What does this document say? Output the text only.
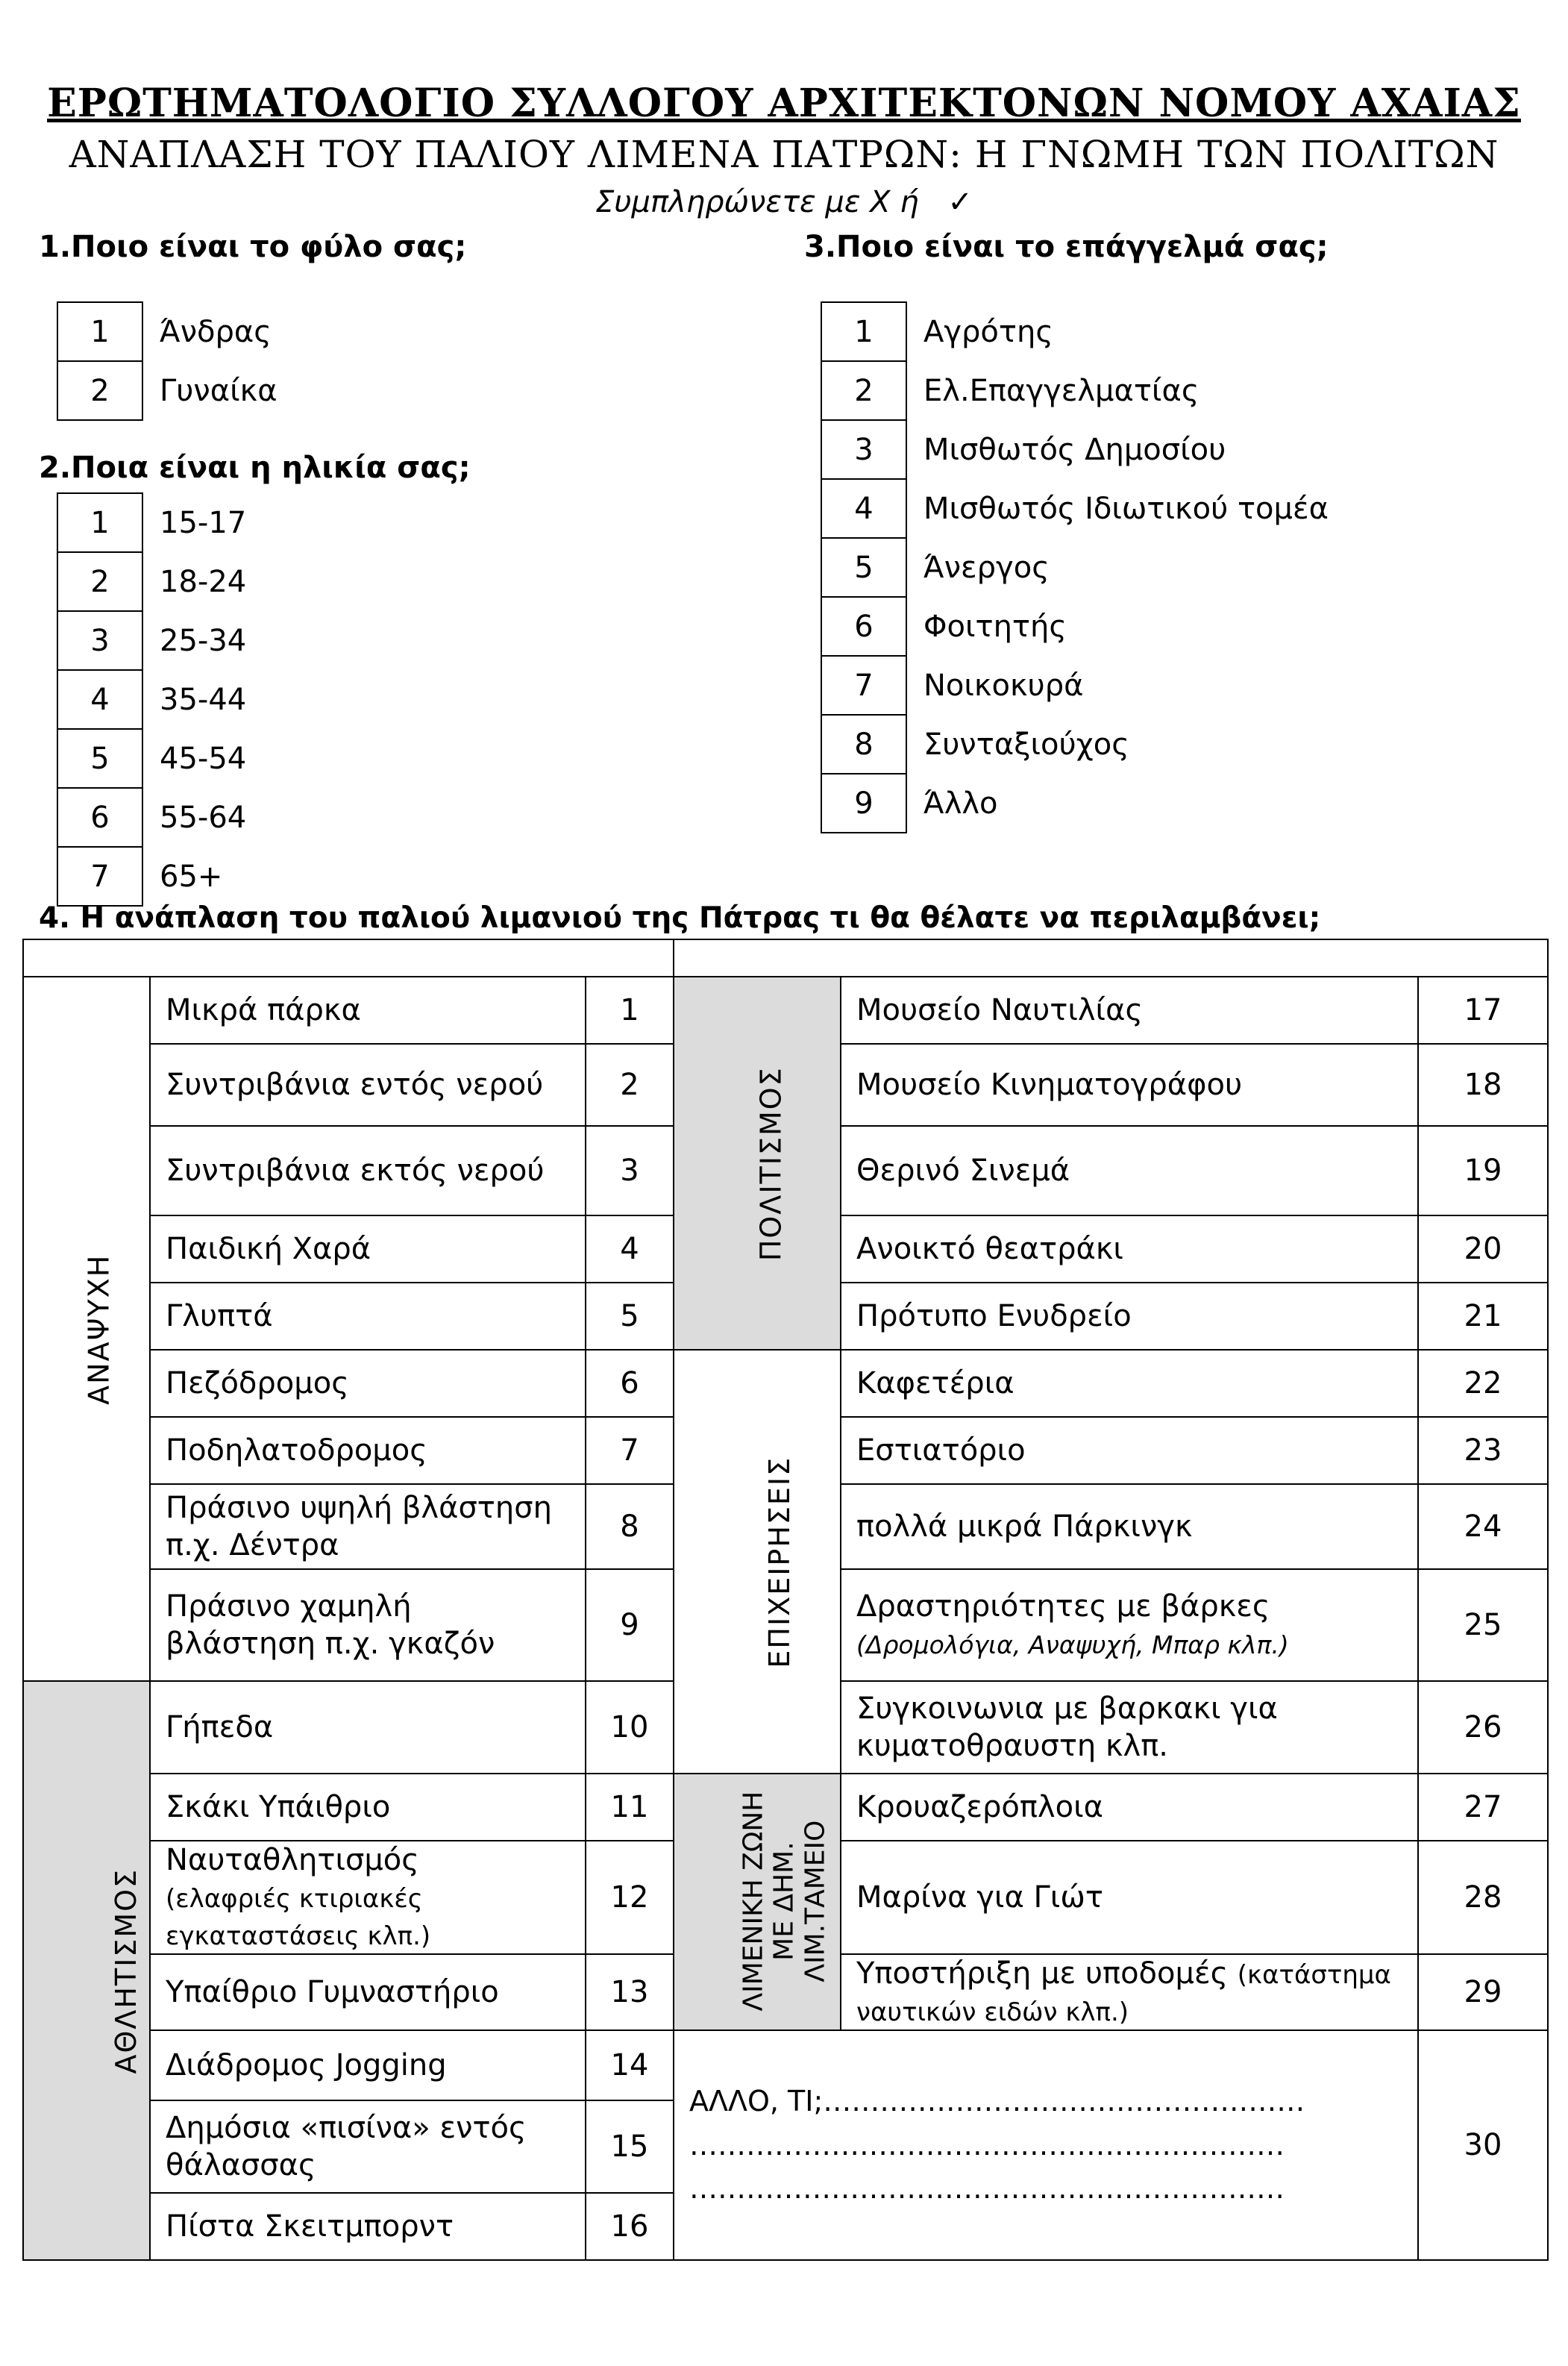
ΕΡΩΤΗΜΑΤΟΛΟΓΙΟ ΣΥΛΛΟΓΟΥ ΑΡΧΙΤΕΚΤΟΝΩΝ ΝΟΜΟΥ ΑΧΑΙΑΣ
ΑΝΑΠΛΑΣΗ ΤΟΥ ΠΑΛΙΟΥ ΛΙΜΕΝΑ ΠΑΤΡΩΝ: Η ΓΝΩΜΗ ΤΩΝ ΠΟΛΙΤΩΝ
Συμπληρώνετε με Χ ή ✓
1.Ποιο είναι το φύλο σας;
1	Άνδρας
2	Γυναίκα
2.Ποια είναι η ηλικία σας;
1	15-17
2	18-24
3	25-34
4	35-44
5	45-54
6	55-64
7	65+
3.Ποιο είναι το επάγγελμά σας;
1	Αγρότης
2	Ελ.Επαγγελματίας
3	Μισθωτός Δημοσίου
4	Μισθωτός Ιδιωτικού τομέα
5	Άνεργος
6	Φοιτητής
7	Νοικοκυρά
8	Συνταξιούχος
9	Άλλο
4. Η ανάπλαση του παλιού λιμανιού της Πάτρας τι θα θέλατε να περιλαμβάνει;

ΑΝΑΨΥΧΗ	Μικρά πάρκα	1	ΠΟΛΙΤΙΣΜΟΣ	Μουσείο Ναυτιλίας	17
	Συντριβάνια εντός νερού	2		Μουσείο Κινηματογράφου	18
	Συντριβάνια εκτός νερού	3		Θερινό Σινεμά	19
	Παιδική Χαρά	4		Ανοικτό θεατράκι	20
	Γλυπτά	5		Πρότυπο Ενυδρείο	21
	Πεζόδρομος	6	ΕΠΙΧΕΙΡΗΣΕΙΣ	Καφετέρια	22
	Ποδηλατοδρομος	7		Εστιατόριο	23
	Πράσινο υψηλή βλάστηση
π.χ. Δέντρα	8		πολλά μικρά Πάρκινγκ	24
	Πράσινο χαμηλή
βλάστηση π.χ. γκαζόν	9		Δραστηριότητες με βάρκες
(Δρομολόγια, Αναψυχή, Μπαρ κλπ.)	25
ΑΘΛΗΤΙΣΜΟΣ	Γήπεδα	10		Συγκοινωνια με βαρκακι για
κυματοθραυστη κλπ.	26
	Σκάκι Υπάιθριο	11	ΛΙΜΕΝΙΚΗ ΖΩΝΗ
ΜΕ ΔΗΜ.
ΛΙΜ.ΤΑΜΕΙΟ	Κρουαζερόπλοια	27
	Ναυταθλητισμός
(ελαφριές κτιριακές
εγκαταστάσεις κλπ.)	12		Μαρίνα για Γιώτ	28
	Υπαίθριο Γυμναστήριο	13		Υποστήριξη με υποδομές (κατάστημα
ναυτικών ειδών κλπ.)	29
	Διάδρομος Jogging	14	ΑΛΛΟ, ΤΙ;……………………………………………
………………………………………………………
………………………………………………………		30
	Δημόσια «πισίνα» εντός
θάλασσας	15			
	Πίστα Σκειτμπορντ	16			
